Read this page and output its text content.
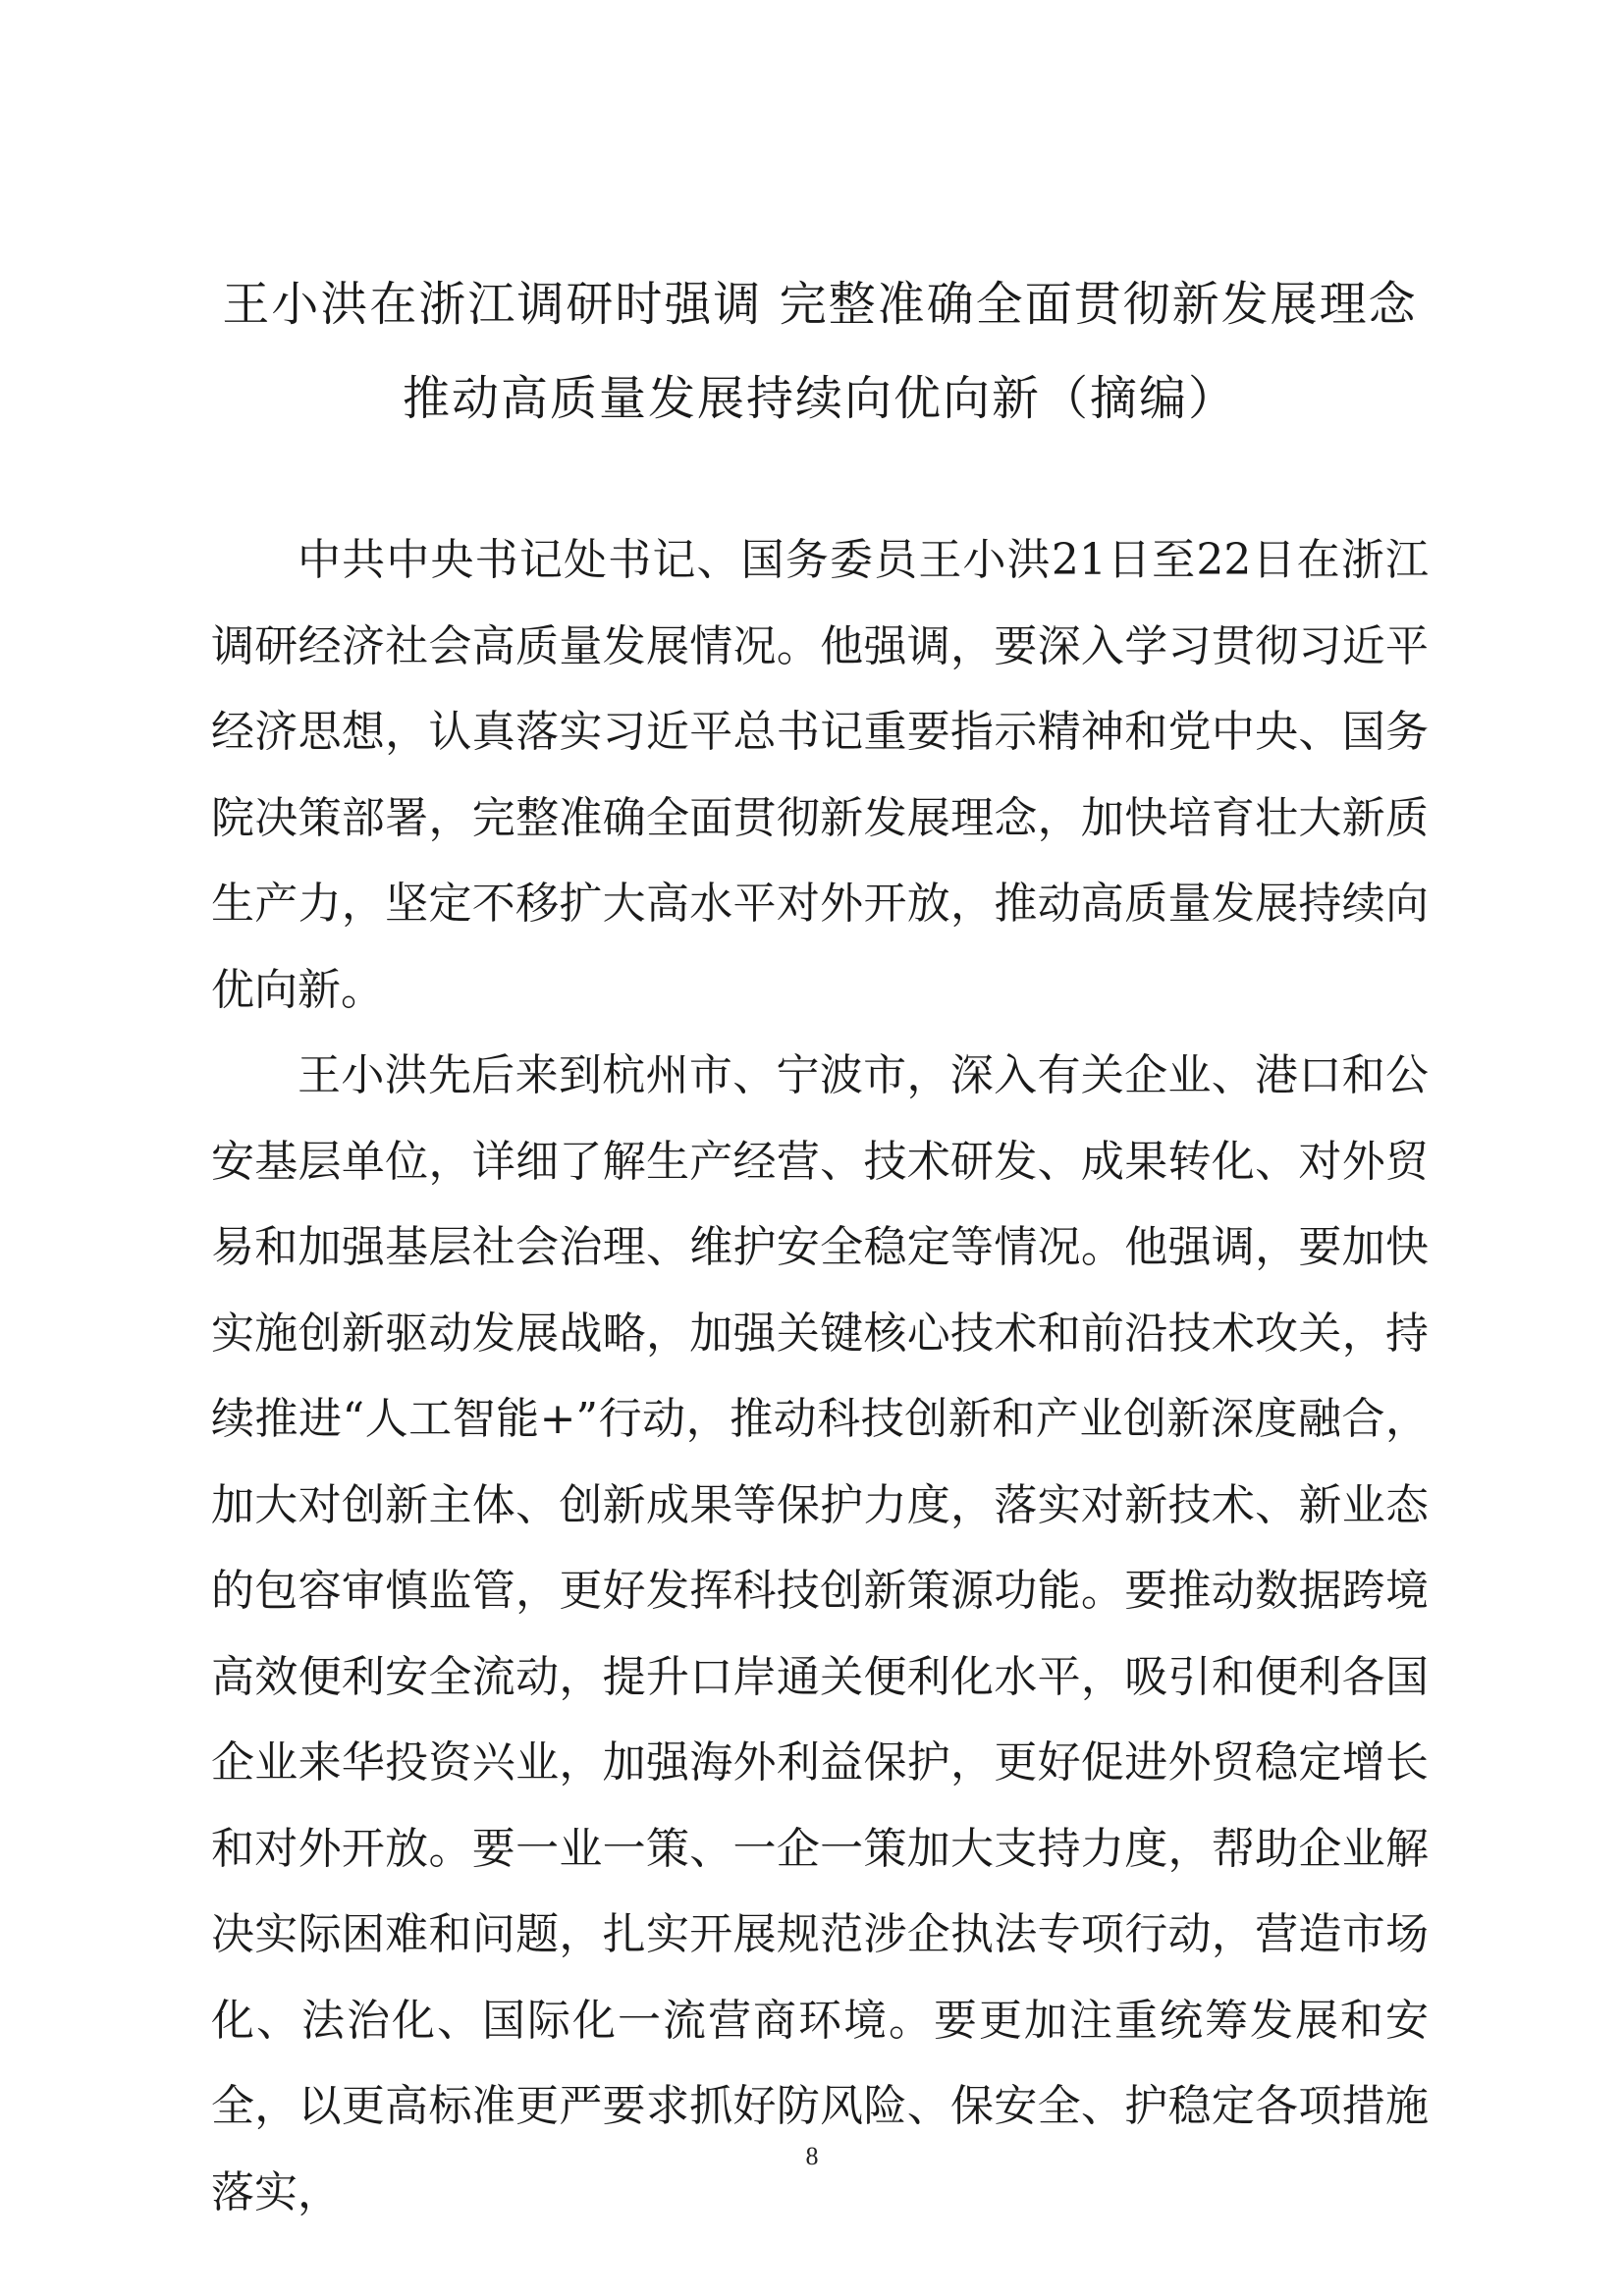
王小洪在浙江调研时强调 完整准确全面贯彻新发展理念
推动高质量发展持续向优向新（摘编）

中共中央书记处书记、国务委员王小洪21日至22日在浙江调研经济社会高质量发展情况。他强调，要深入学习贯彻习近平经济思想，认真落实习近平总书记重要指示精神和党中央、国务院决策部署，完整准确全面贯彻新发展理念，加快培育壮大新质生产力，坚定不移扩大高水平对外开放，推动高质量发展持续向优向新。

王小洪先后来到杭州市、宁波市，深入有关企业、港口和公安基层单位，详细了解生产经营、技术研发、成果转化、对外贸易和加强基层社会治理、维护安全稳定等情况。他强调，要加快实施创新驱动发展战略，加强关键核心技术和前沿技术攻关，持续推进“人工智能+”行动，推动科技创新和产业创新深度融合，加大对创新主体、创新成果等保护力度，落实对新技术、新业态的包容审慎监管，更好发挥科技创新策源功能。要推动数据跨境高效便利安全流动，提升口岸通关便利化水平，吸引和便利各国企业来华投资兴业，加强海外利益保护，更好促进外贸稳定增长和对外开放。要一业一策、一企一策加大支持力度，帮助企业解决实际困难和问题，扎实开展规范涉企执法专项行动，营造市场化、法治化、国际化一流营商环境。要更加注重统筹发展和安全，以更高标准更严要求抓好防风险、保安全、护稳定各项措施落实，

8
